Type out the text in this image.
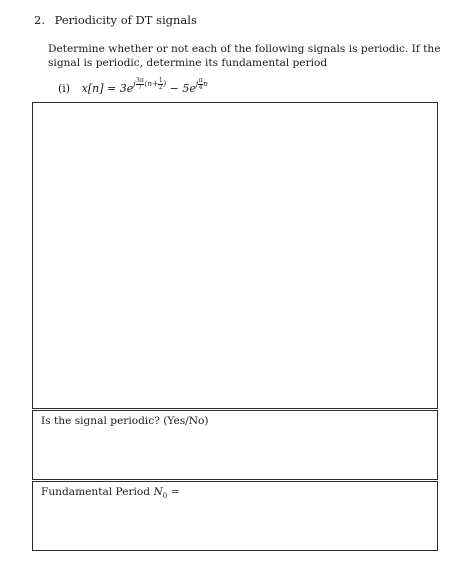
2. Periodicity of DT signals
Determine whether or not each of the following signals is periodic. If the signal is periodic, determine its fundamental period
(i) $x[n] = 3e^{j \frac{3\pi}{7} (n+ \frac{1}{2} )} - 5e^{j \frac{\pi}{4} n}$
Is the signal periodic? (Yes/No)
Fundamental Period $N_0$ =
